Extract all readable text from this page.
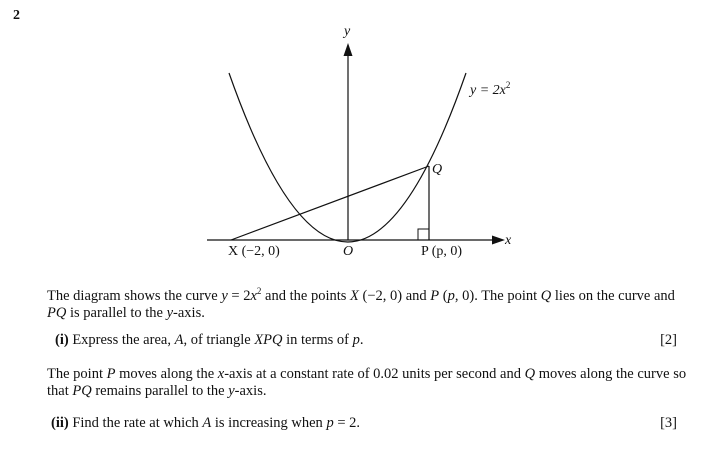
2
y
x
$y = 2x^2$
Q
X (−2, 0)	O	P (p, 0)
The diagram shows the curve $y = 2x^2$ and the points X (−2, 0) and P (p, 0). The point Q lies on the curve and PQ is parallel to the y-axis.
(i) Express the area, A, of triangle XPQ in terms of p.	[2]
The point P moves along the x-axis at a constant rate of 0.02 units per second and Q moves along the curve so that PQ remains parallel to the y-axis.
(ii) Find the rate at which A is increasing when p = 2.	[3]
